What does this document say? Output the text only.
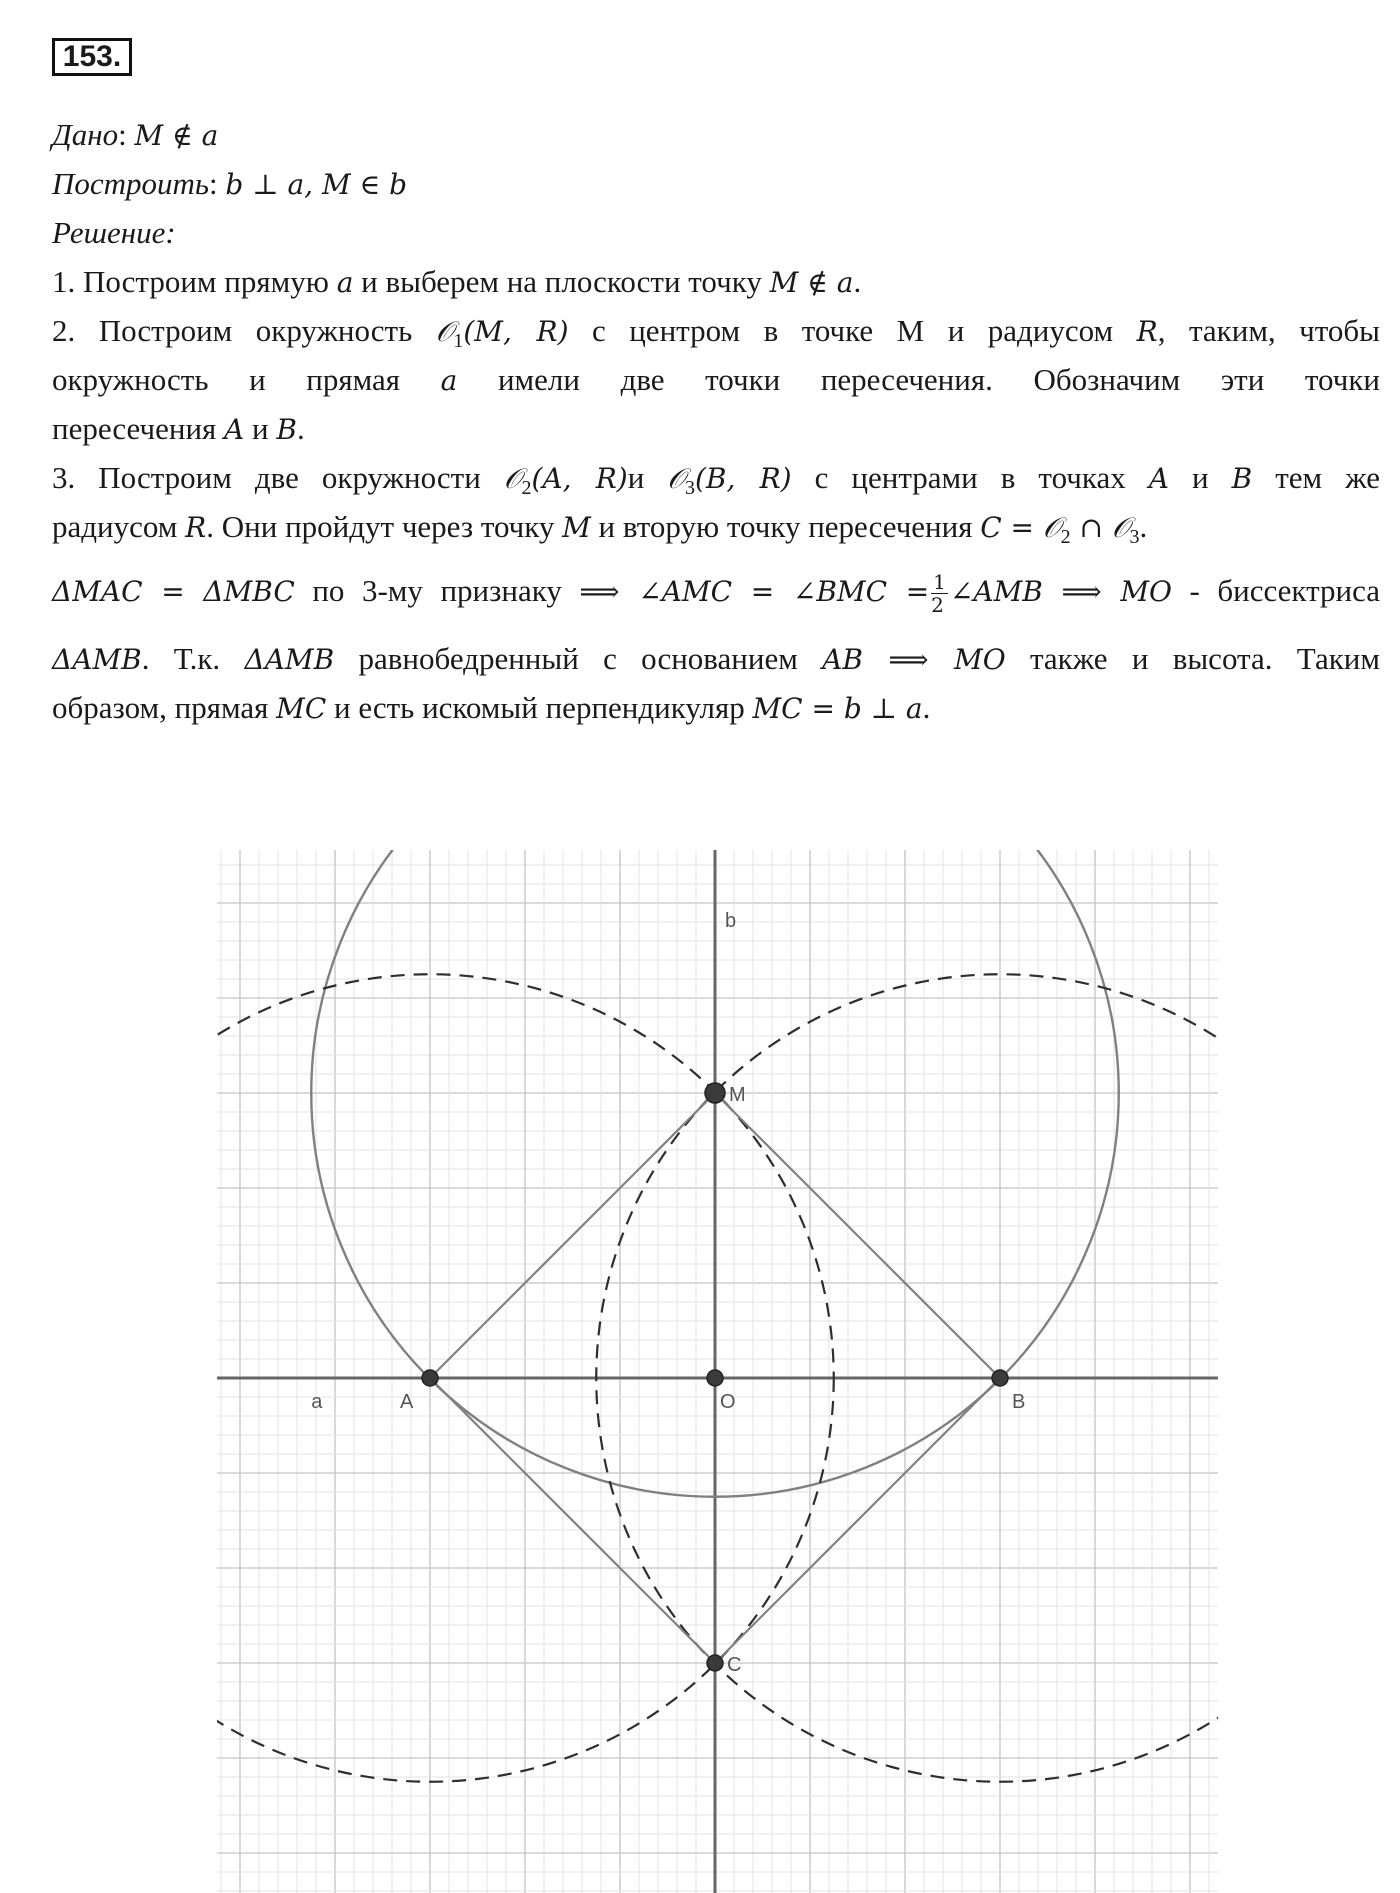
153.
Дано: M ∉ a
Построить: b ⊥ a, M ∈ b
Решение:
1. Построим прямую a и выберем на плоскости точку M ∉ a.
2. Построим окружность 𝒪$_1$(M, R) с центром в точке М и радиусом R, таким, чтобы
окружность и прямая a имели две точки пересечения. Обозначим эти точки
пересечения A и B.
3. Построим две окружности 𝒪$_2$(A, R)и 𝒪$_3$(B, R) с центрами в точках A и B тем же
радиусом R. Они пройдут через точку M и вторую точку пересечения C = 𝒪$_2$ ∩ 𝒪$_3$.
ΔMAC = ΔMBC по 3-му признаку ⟹ ∠AMC = ∠BMC = $\frac{1}{2}$ ∠AMB ⟹ MO - биссектриса
ΔAMB. Т.к. ΔAMB равнобедренный с основанием AB ⟹ MO также и высота. Таким
образом, прямая MC и есть искомый перпендикуляр MC = b ⊥ a.
M
A	B
O
C
a
b
